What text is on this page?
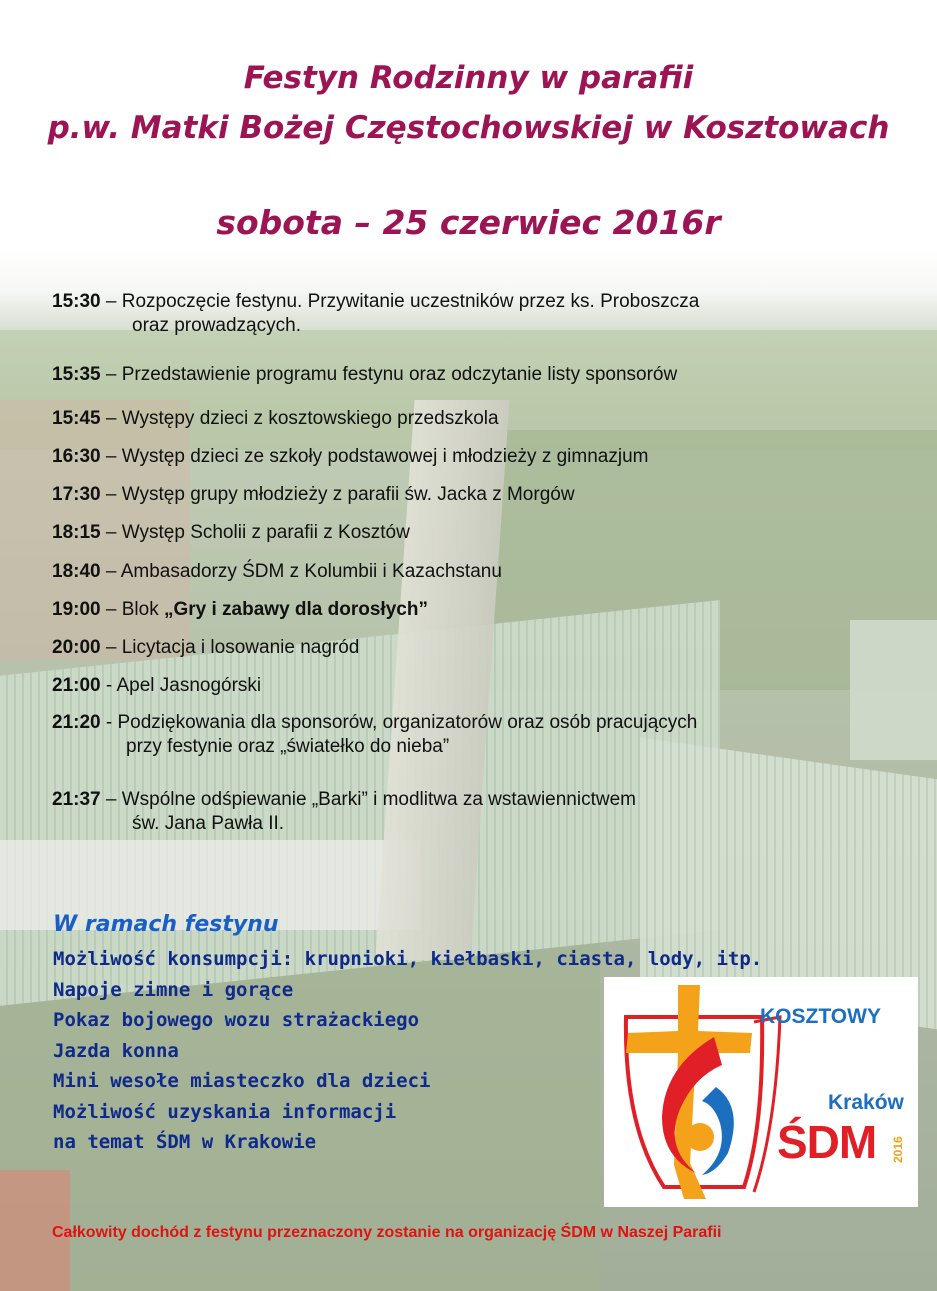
Festyn Rodzinny w parafii
p.w. Matki Bożej Częstochowskiej w Kosztowach
sobota – 25 czerwiec 2016r
15:30 – Rozpoczęcie festynu. Przywitanie uczestników przez ks. Proboszcza
oraz prowadzących.
15:35 – Przedstawienie programu festynu oraz odczytanie listy sponsorów
15:45 – Występy dzieci z kosztowskiego przedszkola
16:30 – Występ dzieci ze szkoły podstawowej i młodzieży z gimnazjum
17:30 – Występ grupy młodzieży z parafii św. Jacka z Morgów
18:15 – Występ Scholii z parafii z Kosztów
18:40 – Ambasadorzy ŚDM z Kolumbii i Kazachstanu
19:00 – Blok „Gry i zabawy dla dorosłych”
20:00 – Licytacja i losowanie nagród
21:00 - Apel Jasnogórski
21:20 - Podziękowania dla sponsorów, organizatorów oraz osób pracujących
przy festynie oraz „światełko do nieba”
21:37 – Wspólne odśpiewanie „Barki” i modlitwa za wstawiennictwem
św. Jana Pawła II.

W ramach festynu

Możliwość konsumpcji: krupnioki, kiełbaski, ciasta, lody, itp.

Napoje zimne i gorące

Pokaz bojowego wozu strażackiego

Jazda konna

Mini wesołe miasteczko dla dzieci

Możliwość uzyskania informacji

na temat ŚDM w Krakowie

KOSZTOWY

Kraków

ŚDM 2016

Całkowity dochód z festynu przeznaczony zostanie na organizację ŚDM w Naszej Parafii
